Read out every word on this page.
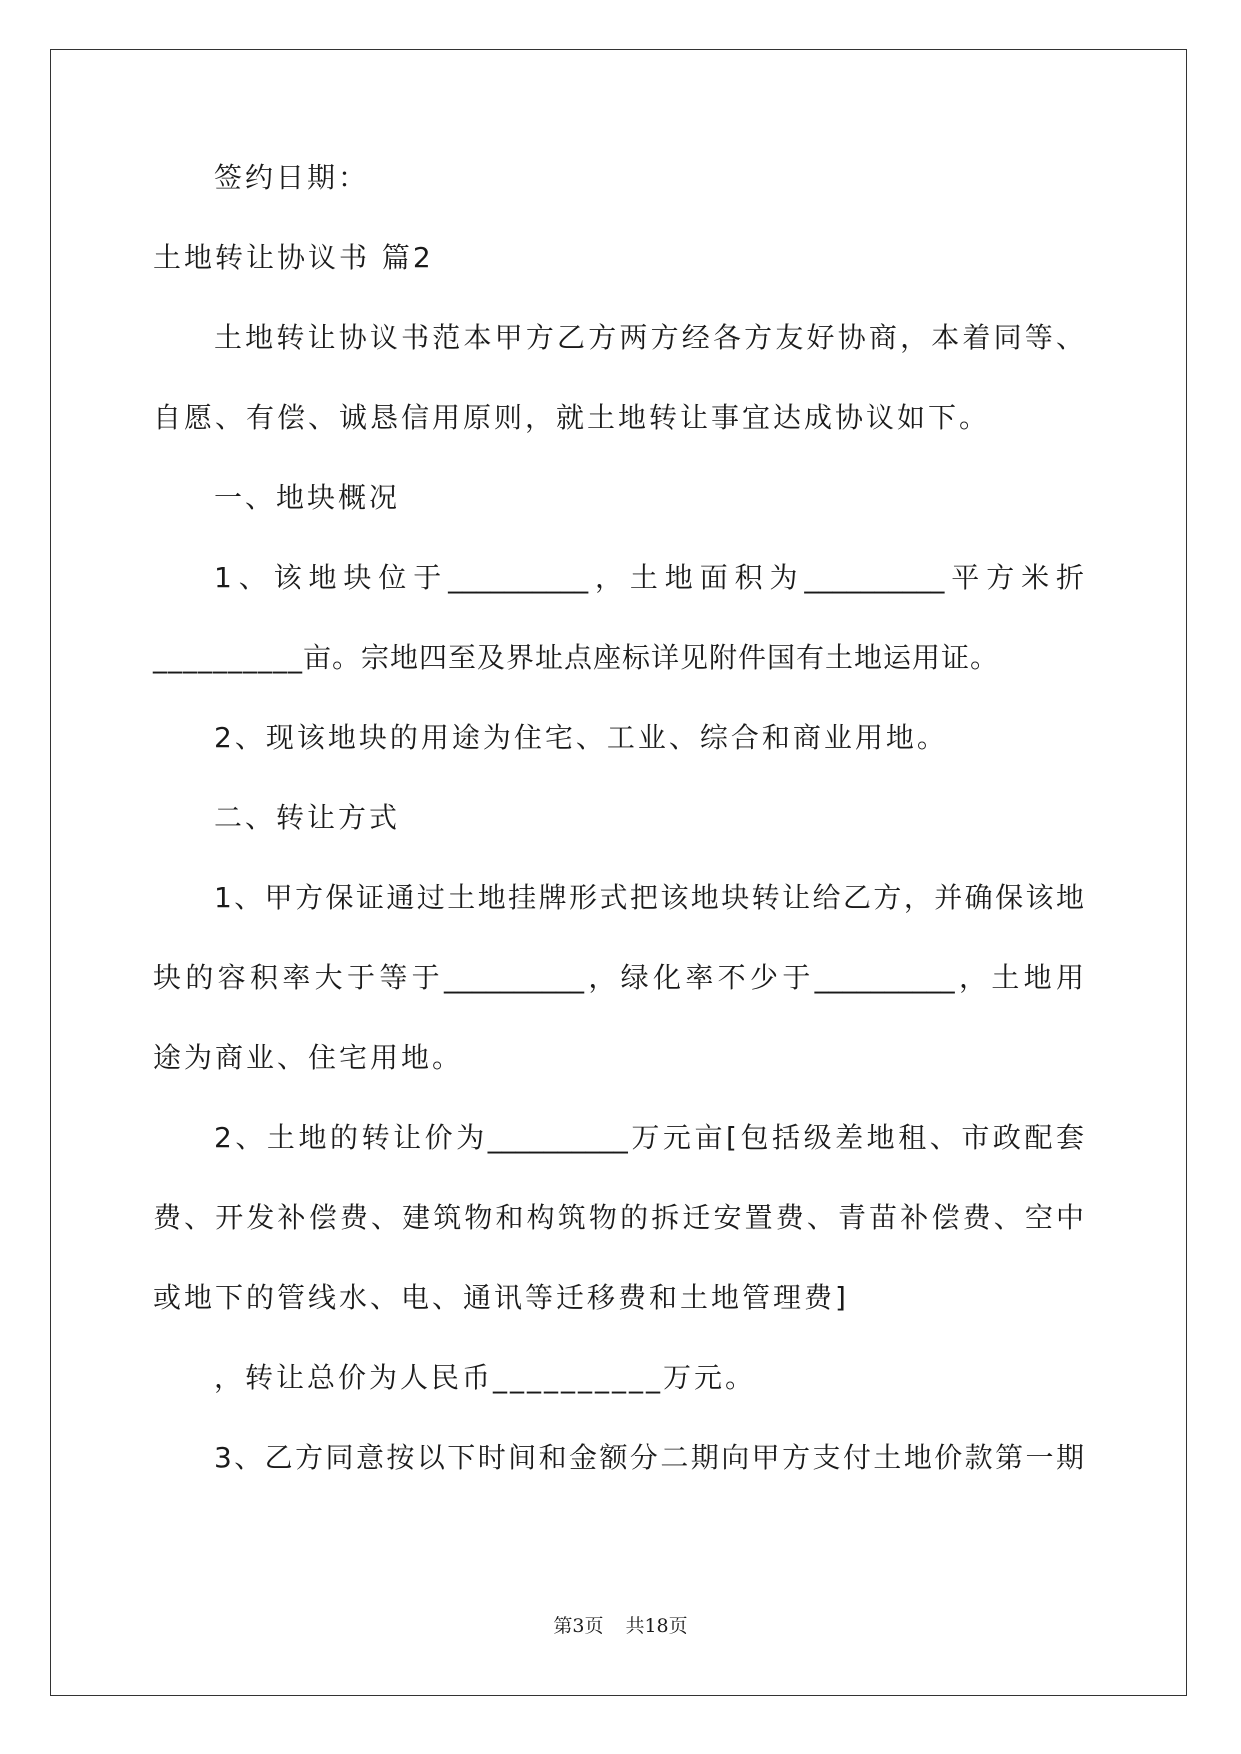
签约日期：
土地转让协议书 篇2
土地转让协议书范本甲方乙方两方经各方友好协商，本着同等、
自愿、有偿、诚恳信用原则，就土地转让事宜达成协议如下。
一、地块概况
1、该地块位于__________，土地面积为__________平方米折
__________亩。宗地四至及界址点座标详见附件国有土地运用证。
2、现该地块的用途为住宅、工业、综合和商业用地。
二、转让方式
1、甲方保证通过土地挂牌形式把该地块转让给乙方，并确保该地
块的容积率大于等于__________，绿化率不少于__________，土地用
途为商业、住宅用地。
2、土地的转让价为__________万元亩[包括级差地租、市政配套
费、开发补偿费、建筑物和构筑物的拆迁安置费、青苗补偿费、空中
或地下的管线水、电、通讯等迁移费和土地管理费]
，转让总价为人民币__________万元。
3、乙方同意按以下时间和金额分二期向甲方支付土地价款第一期
第3页 共18页
